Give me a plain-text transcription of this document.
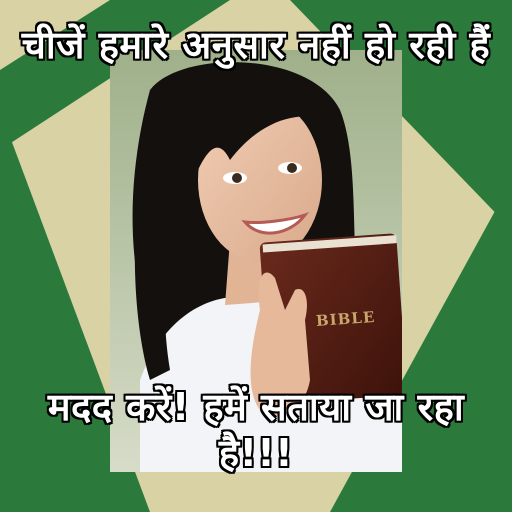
BIBLE
चीजें हमारे अनुसार नहीं हो रही हैं
मदद करें! हमें सताया जा रहा है!!!
